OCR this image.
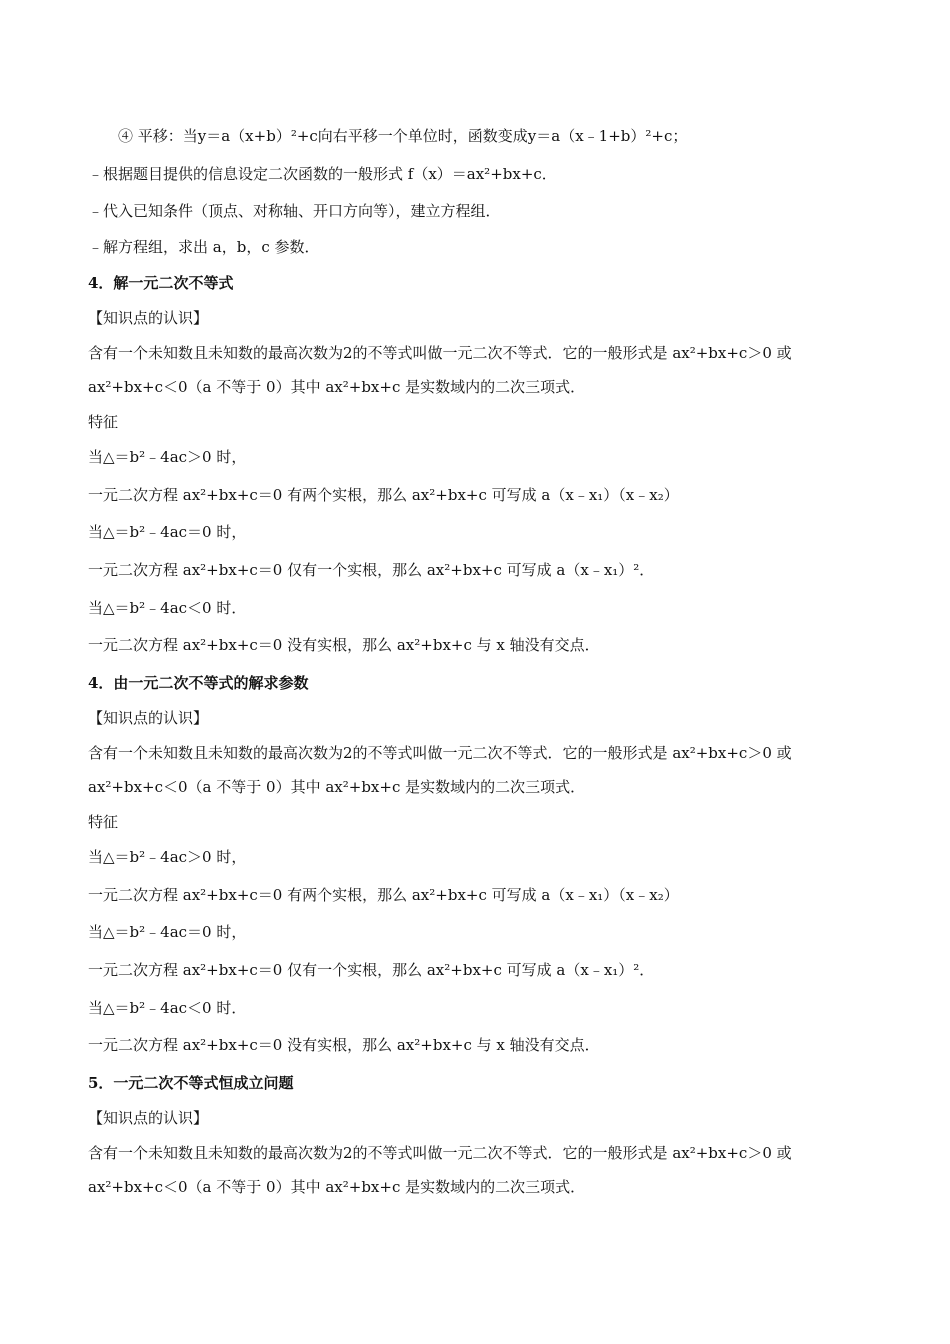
④ 平移：当y＝a（x+b）²+c向右平移一个单位时，函数变成y＝a（x﹣1+b）²+c；
﹣根据题目提供的信息设定二次函数的一般形式 f（x）＝ax²+bx+c．
﹣代入已知条件（顶点、对称轴、开口方向等），建立方程组．
﹣解方程组，求出 a，b，c 参数．
4．解一元二次不等式
【知识点的认识】
含有一个未知数且未知数的最高次数为2的不等式叫做一元二次不等式．它的一般形式是 ax²+bx+c＞0 或
ax²+bx+c＜0（a 不等于 0）其中 ax²+bx+c 是实数域内的二次三项式．
特征
当△＝b²﹣4ac＞0 时，
一元二次方程 ax²+bx+c＝0 有两个实根，那么 ax²+bx+c 可写成 a（x﹣x₁）（x﹣x₂）
当△＝b²﹣4ac＝0 时，
一元二次方程 ax²+bx+c＝0 仅有一个实根，那么 ax²+bx+c 可写成 a（x﹣x₁）²．
当△＝b²﹣4ac＜0 时．
一元二次方程 ax²+bx+c＝0 没有实根，那么 ax²+bx+c 与 x 轴没有交点．
4．由一元二次不等式的解求参数
【知识点的认识】
含有一个未知数且未知数的最高次数为2的不等式叫做一元二次不等式．它的一般形式是 ax²+bx+c＞0 或
ax²+bx+c＜0（a 不等于 0）其中 ax²+bx+c 是实数域内的二次三项式．
特征
当△＝b²﹣4ac＞0 时，
一元二次方程 ax²+bx+c＝0 有两个实根，那么 ax²+bx+c 可写成 a（x﹣x₁）（x﹣x₂）
当△＝b²﹣4ac＝0 时，
一元二次方程 ax²+bx+c＝0 仅有一个实根，那么 ax²+bx+c 可写成 a（x﹣x₁）²．
当△＝b²﹣4ac＜0 时．
一元二次方程 ax²+bx+c＝0 没有实根，那么 ax²+bx+c 与 x 轴没有交点．
5．一元二次不等式恒成立问题
【知识点的认识】
含有一个未知数且未知数的最高次数为2的不等式叫做一元二次不等式．它的一般形式是 ax²+bx+c＞0 或
ax²+bx+c＜0（a 不等于 0）其中 ax²+bx+c 是实数域内的二次三项式．
